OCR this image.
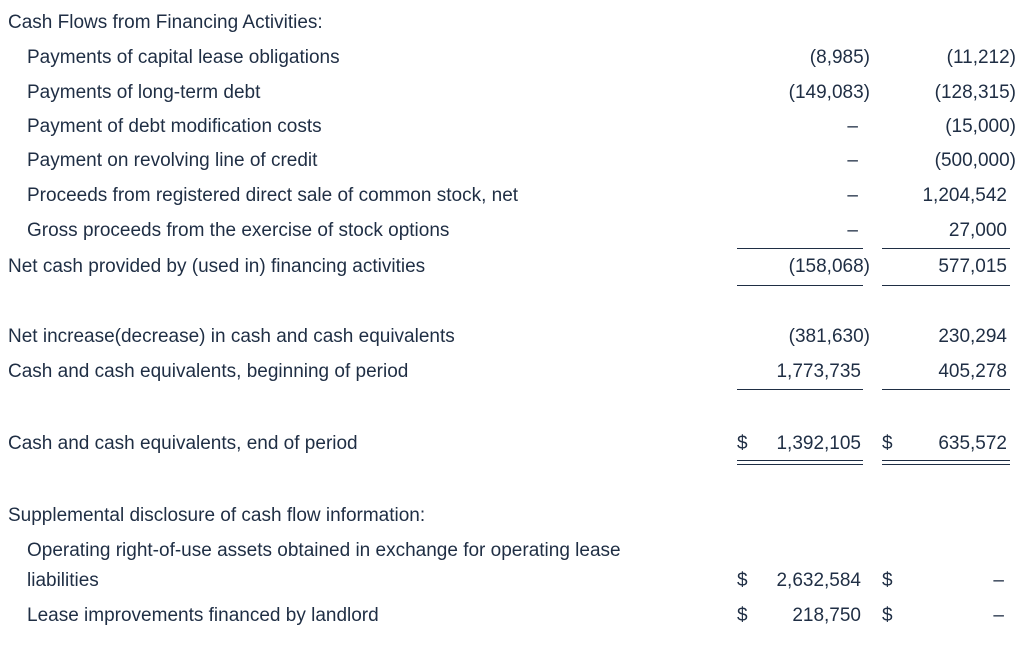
Cash Flows from Financing Activities:
Payments of capital lease obligations	(8,985)	(11,212)
Payments of long-term debt	(149,083)	(128,315)
Payment of debt modification costs	–	(15,000)
Payment on revolving line of credit	–	(500,000)
Proceeds from registered direct sale of common stock, net	–	1,204,542
Gross proceeds from the exercise of stock options	–	27,000
Net cash provided by (used in) financing activities	(158,068)	577,015
Net increase(decrease) in cash and cash equivalents	(381,630)	230,294
Cash and cash equivalents, beginning of period	1,773,735	405,278
Cash and cash equivalents, end of period	$ 1,392,105 $ 635,572
Supplemental disclosure of cash flow information:
Operating right-of-use assets obtained in exchange for operating lease
liabilities	$ 2,632,584 $	–
Lease improvements financed by landlord	$ 218,750 $	–
